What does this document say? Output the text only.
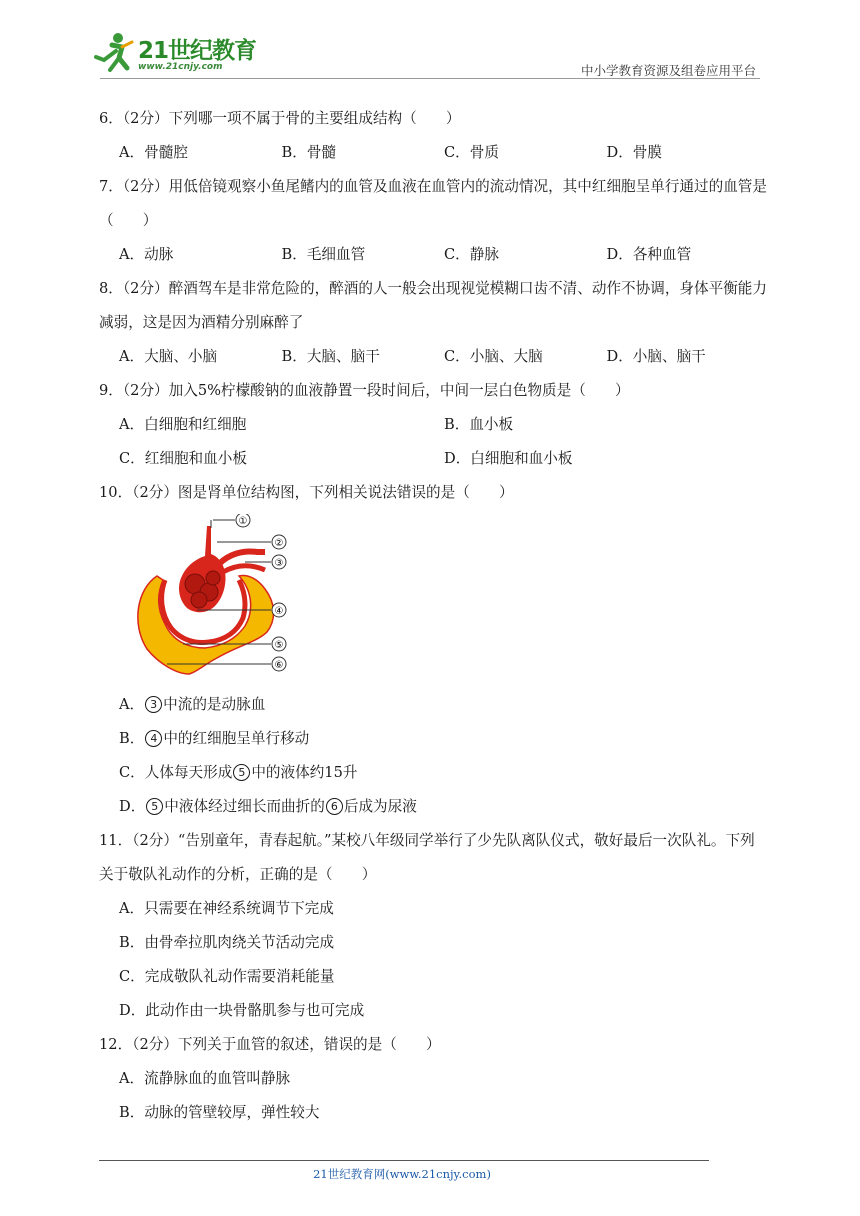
21世纪教育
www.21cnjy.com	中小学教育资源及组卷应用平台

6．（2分）下列哪一项不属于骨的主要组成结构（　　）

A．骨髓腔	B．骨髓	C．骨质	D．骨膜

7．（2分）用低倍镜观察小鱼尾鳍内的血管及血液在血管内的流动情况，其中红细胞呈单行通过的血管是（　　）

A．动脉	B．毛细血管	C．静脉	D．各种血管

8．（2分）醉酒驾车是非常危险的，醉酒的人一般会出现视觉模糊口齿不清、动作不协调，身体平衡能力减弱，这是因为酒精分别麻醉了

A．大脑、小脑	B．大脑、脑干	C．小脑、大脑	D．小脑、脑干

9．（2分）加入5%柠檬酸钠的血液静置一段时间后，中间一层白色物质是（　　）

A．白细胞和红细胞	B．血小板
C．红细胞和血小板	D．白细胞和血小板

10．（2分）图是肾单位结构图，下列相关说法错误的是（　　）

①
②
③
④
⑤
⑥
A． 3 中流的是动脉血
B． 4 中的红细胞呈单行移动
C．人体每天形成 5 中的液体约15升
D． 5 中液体经过细长而曲折的 6 后成为尿液

11．（2分）“告别童年，青春起航。”某校八年级同学举行了少先队离队仪式，敬好最后一次队礼。下列关于敬队礼动作的分析，正确的是（　　）

A．只需要在神经系统调节下完成
B．由骨牵拉肌肉绕关节活动完成
C．完成敬队礼动作需要消耗能量
D．此动作由一块骨骼肌参与也可完成

12．（2分）下列关于血管的叙述，错误的是（　　）

A．流静脉血的血管叫静脉
B．动脉的管壁较厚，弹性较大
21世纪教育网(www.21cnjy.com)
